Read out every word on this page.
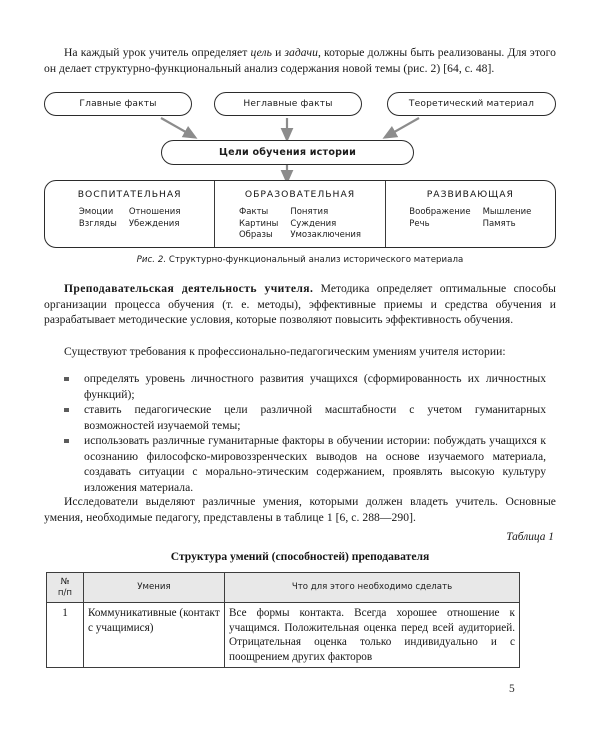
На каждый урок учитель определяет цель и задачи, которые должны быть реализованы. Для этого он делает структурно-функциональный анализ содержания новой темы (рис. 2) [64, с. 48].
Главные факты	Неглавные факты	Теоретический материал
Цели обучения истории
ВОСПИТАТЕЛЬНАЯ
Эмоции	Отношения
Взгляды Убеждения
ОБРАЗОВАТЕЛЬНАЯ
Факты	Понятия
Картины Суждения
Образы	Умозаключения
РАЗВИВАЮЩАЯ
Воображение Мышление
Речь	Память
Рис. 2. Структурно-функциональный анализ исторического материала
Преподавательская деятельность учителя. Методика определяет оптимальные способы организации процесса обучения (т. е. методы), эффективные приемы и средства обучения и разрабатывает методические условия, которые позволяют повысить эффективность обучения.
Существуют требования к профессионально-педагогическим умениям учителя истории:
определять уровень личностного развития учащихся (сформированность их личностных функций);
ставить педагогические цели различной масштабности с учетом гуманитарных возможностей изучаемой темы;
использовать различные гуманитарные факторы в обучении истории: побуждать учащихся к осознанию философско-мировоззренческих выводов на основе изучаемого материала, создавать ситуации с морально-этическим содержанием, проявлять высокую культуру изложения материала.
Исследователи выделяют различные умения, которыми должен владеть учитель. Основные умения, необходимые педагогу, представлены в таблице 1 [6, с. 288—290].
Таблица 1
Структура умений (способностей) преподавателя
№
п/п	Умения	Что для этого необходимо сделать
1	Коммуникативные (контакт с учащимися)	Все формы контакта. Всегда хорошее отношение к учащимся. Положительная оценка перед всей аудиторией. Отрицательная оценка только индивидуально и с поощрением других факторов
5
